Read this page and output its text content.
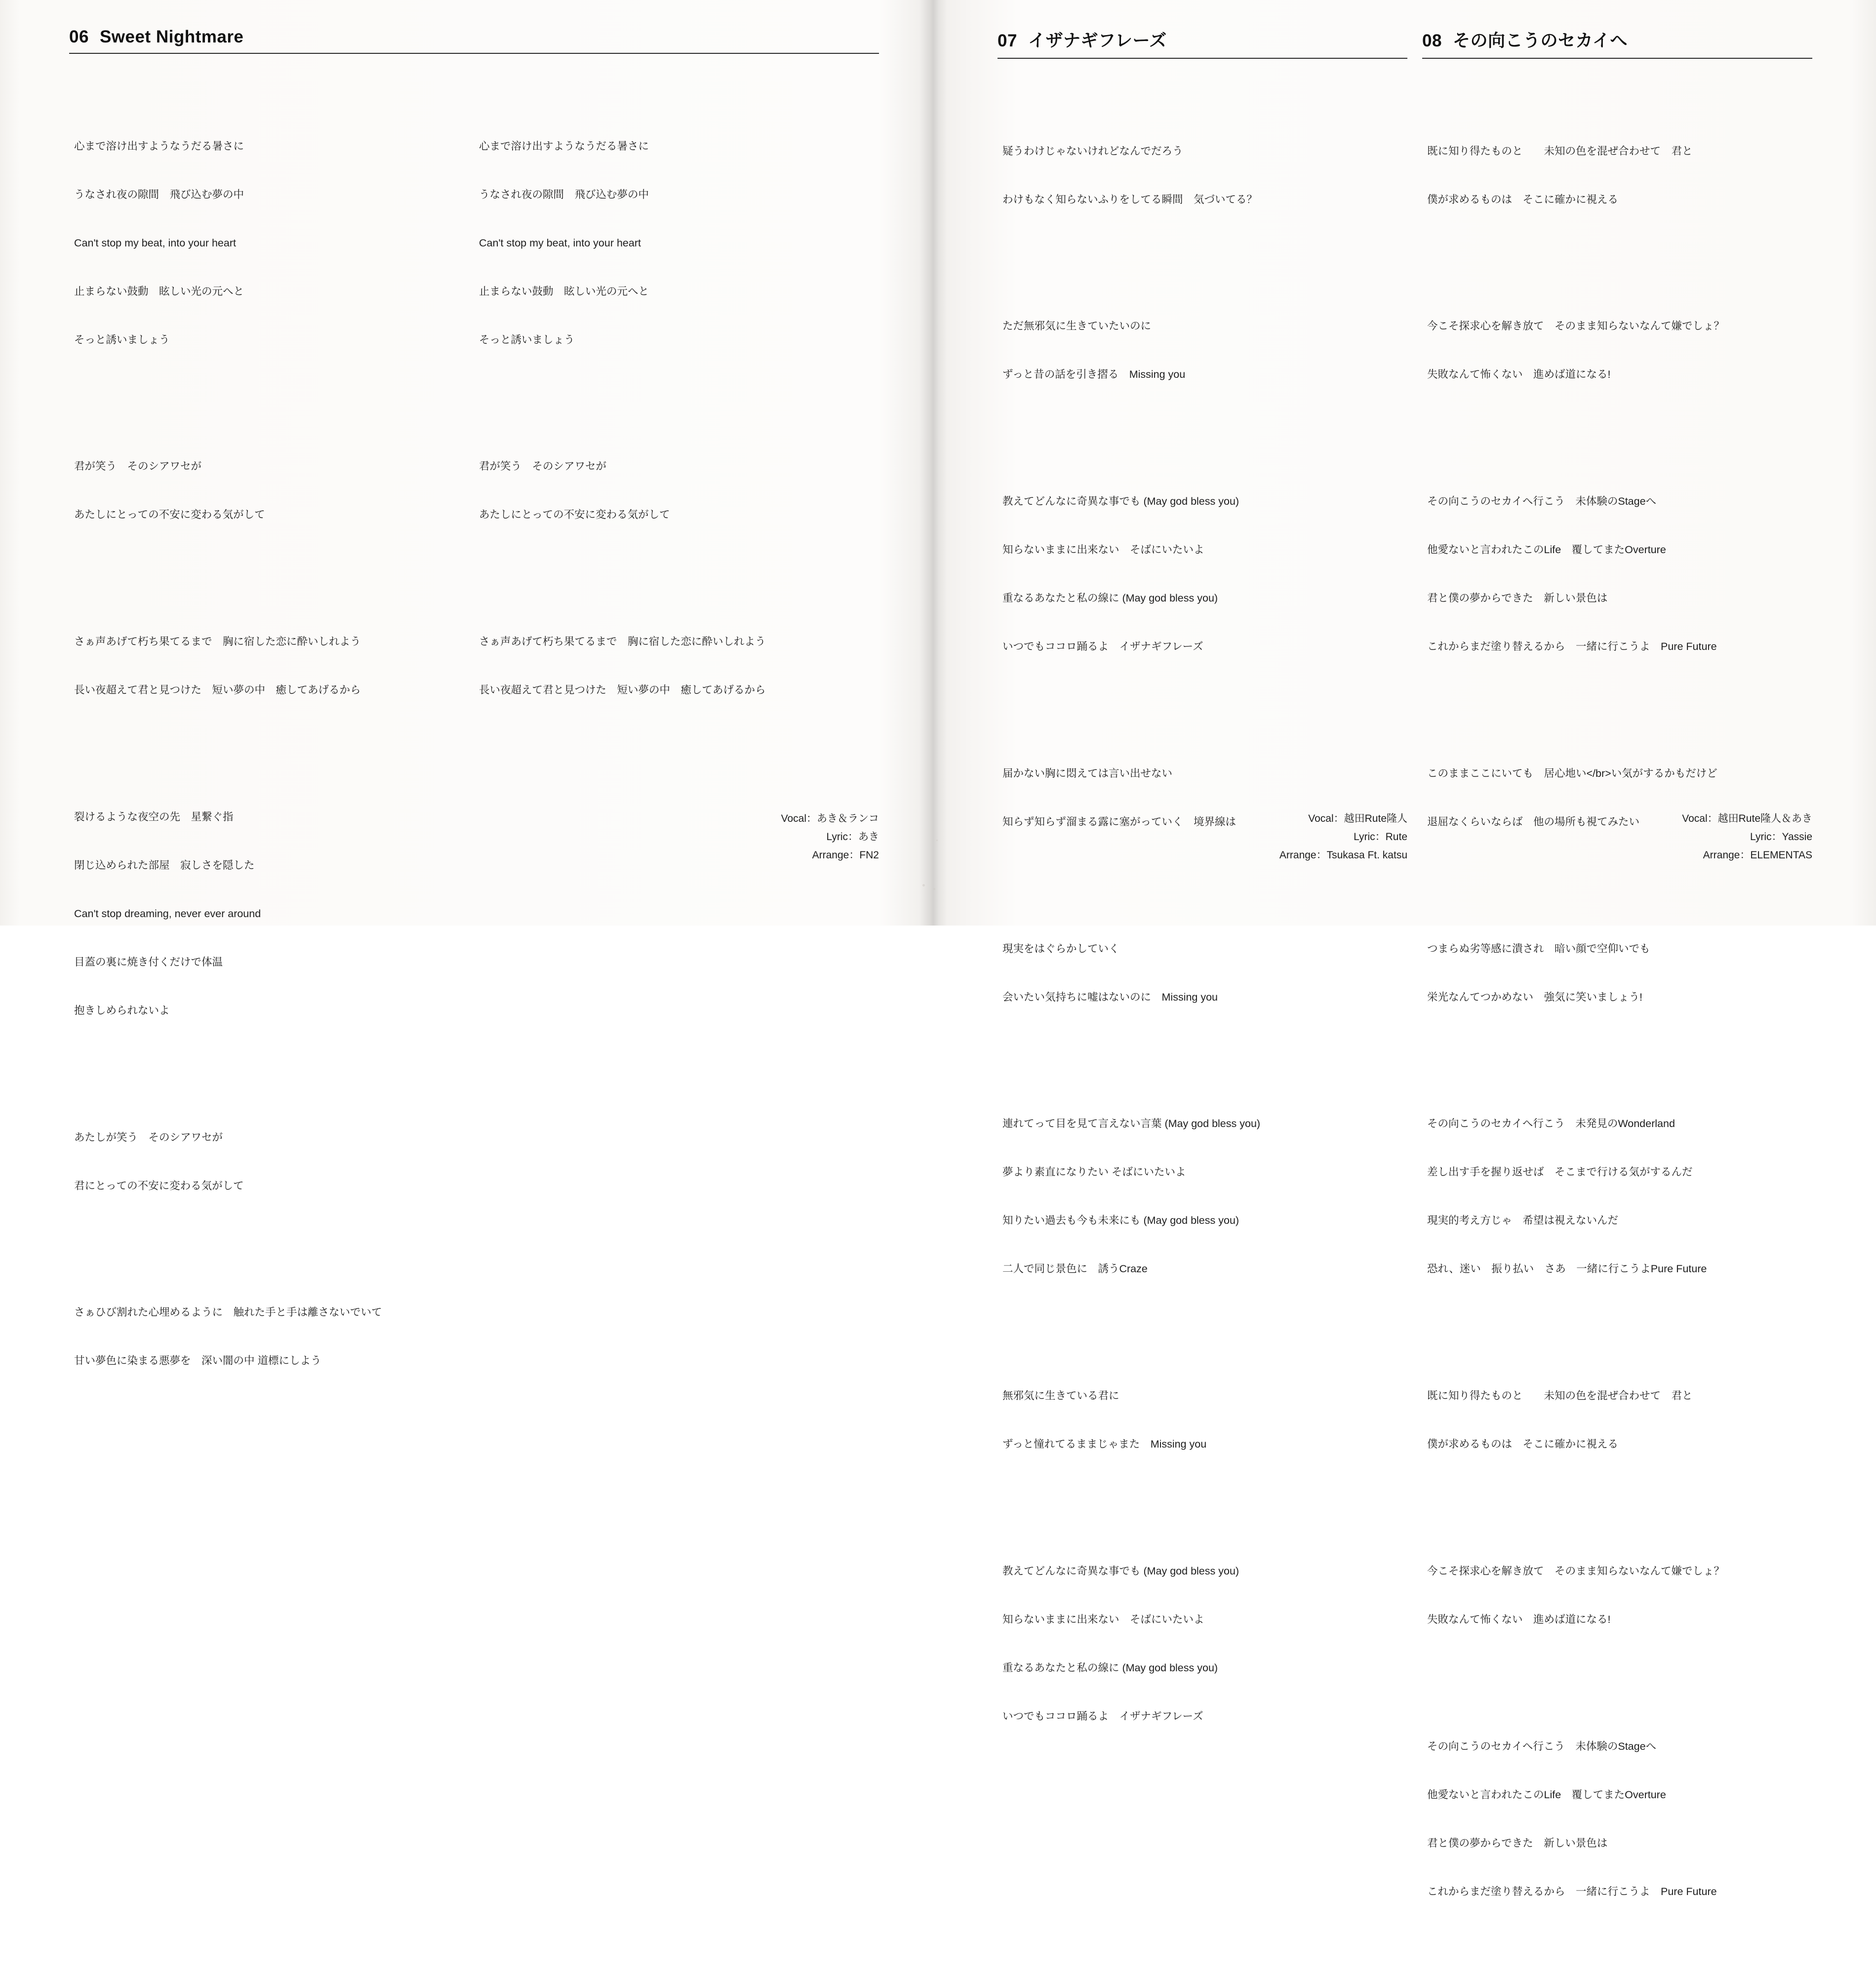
06 Sweet Nightmare

心まで溶け出すようなうだる暑さに

うなされ夜の隙間　飛び込む夢の中

Can't stop my beat, into your heart

止まらない鼓動　眩しい光の元へと

そっと誘いましょう

君が笑う　そのシアワセが

あたしにとっての不安に変わる気がして

さぁ声あげて朽ち果てるまで　胸に宿した恋に酔いしれよう

長い夜超えて君と見つけた　短い夢の中　癒してあげるから

裂けるような夜空の先　星繋ぐ指

閉じ込められた部屋　寂しさを隠した

Can't stop dreaming, never ever around

目蓋の裏に焼き付くだけで体温

抱きしめられないよ

あたしが笑う　そのシアワセが

君にとっての不安に変わる気がして

さぁひび割れた心埋めるように　触れた手と手は離さないでいて

甘い夢色に染まる悪夢を　深い闇の中 道標にしよう

心まで溶け出すようなうだる暑さに

うなされ夜の隙間　飛び込む夢の中

Can't stop my beat, into your heart

止まらない鼓動　眩しい光の元へと

そっと誘いましょう

君が笑う　そのシアワセが

あたしにとっての不安に変わる気がして

さぁ声あげて朽ち果てるまで　胸に宿した恋に酔いしれよう

長い夜超えて君と見つけた　短い夢の中　癒してあげるから

Vocal：あき＆ランコ
Lyric：あき
Arrange：FN2
07 イザナギフレーズ

疑うわけじゃないけれどなんでだろう

わけもなく知らないふりをしてる瞬間　気づいてる？

ただ無邪気に生きていたいのに

ずっと昔の話を引き摺る　Missing you

教えてどんなに奇異な事でも (May god bless you)

知らないままに出来ない　そばにいたいよ

重なるあなたと私の線に (May god bless you)

いつでもココロ踊るよ　イザナギフレーズ

届かない胸に悶えては言い出せない

知らず知らず溜まる露に塞がっていく　境界線は

現実をはぐらかしていく

会いたい気持ちに嘘はないのに　Missing you

連れてって目を見て言えない言葉 (May god bless you)

夢より素直になりたい そばにいたいよ

知りたい過去も今も未来にも (May god bless you)

二人で同じ景色に　誘うCraze

無邪気に生きている君に

ずっと憧れてるままじゃまた　Missing you

教えてどんなに奇異な事でも (May god bless you)

知らないままに出来ない　そばにいたいよ

重なるあなたと私の線に (May god bless you)

いつでもココロ踊るよ　イザナギフレーズ

Vocal：越田Rute隆人
Lyric：Rute
Arrange：Tsukasa Ft. katsu
08 その向こうのセカイへ

既に知り得たものと　　未知の色を混ぜ合わせて　君と

僕が求めるものは　そこに確かに視える

今こそ探求心を解き放て　そのまま知らないなんて嫌でしょ？

失敗なんて怖くない　進めば道になる!

その向こうのセカイへ行こう　未体験のStageへ

他愛ないと言われたこのLife　覆してまたOverture

君と僕の夢からできた　新しい景色は

これからまだ塗り替えるから　一緒に行こうよ　Pure Future

このままここにいても　居心地い</br>い気がするかもだけど

退屈なくらいならば　他の場所も視てみたい

つまらぬ劣等感に潰され　暗い顔で空仰いでも

栄光なんてつかめない　強気に笑いましょう!

その向こうのセカイへ行こう　未発見のWonderland

差し出す手を握り返せば　そこまで行ける気がするんだ

現実的考え方じゃ　希望は視えないんだ

恐れ、迷い　振り払い　さあ　一緒に行こうよPure Future

既に知り得たものと　　未知の色を混ぜ合わせて　君と

僕が求めるものは　そこに確かに視える

今こそ探求心を解き放て　そのまま知らないなんて嫌でしょ？

失敗なんて怖くない　進めば道になる!

その向こうのセカイへ行こう　未体験のStageへ

他愛ないと言われたこのLife　覆してまたOverture

君と僕の夢からできた　新しい景色は

これからまだ塗り替えるから　一緒に行こうよ　Pure Future

Vocal：越田Rute隆人＆あき
Lyric：Yassie
Arrange：ELEMENTAS
